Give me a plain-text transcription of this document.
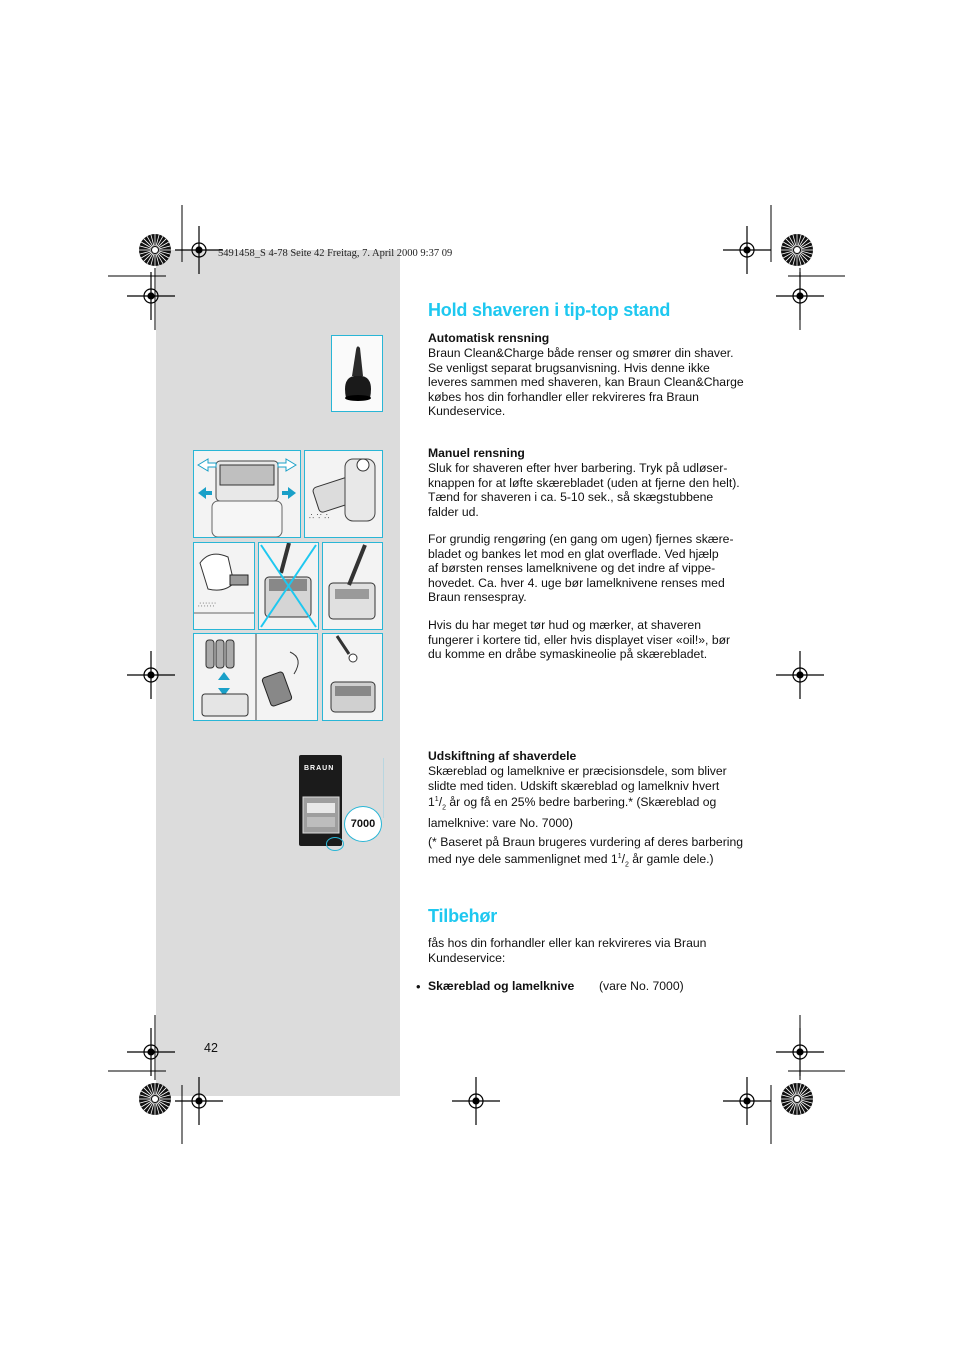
5491458_S 4-78 Seite 42 Freitag, 7. April 2000 9:37 09
∴ ∵ ∴
∴∵∴∵
BRAUN
7000
Hold shaveren i tip-top stand

Automatisk rensning

Braun Clean&Charge både renser og smører din shaver.

Se venligst separat brugsanvisning. Hvis denne ikke

leveres sammen med shaveren, kan Braun Clean&Charge

købes hos din forhandler eller rekvireres fra Braun

Kundeservice.

Manuel rensning

Sluk for shaveren efter hver barbering. Tryk på udløser-

knappen for at løfte skærebladet (uden at fjerne den helt).

Tænd for shaveren i ca. 5-10 sek., så skægstubbene

falder ud.

For grundig rengøring (en gang om ugen) fjernes skære-

bladet og bankes let mod en glat overflade. Ved hjælp

af børsten renses lamelknivene og det indre af vippe-

hovedet. Ca. hver 4. uge bør lamelknivene renses med

Braun rensespray.

Hvis du har meget tør hud og mærker, at shaveren

fungerer i kortere tid, eller hvis displayet viser «oil!», bør

du komme en dråbe symaskineolie på skærebladet.

Udskiftning af shaverdele

Skæreblad og lamelknive er præcisionsdele, som bliver

slidte med tiden. Udskift skæreblad og lamelkniv hvert

$1^1/_2$ år og få en 25% bedre barbering.* (Skæreblad og

lamelknive: vare No. 7000)

(* Baseret på Braun brugeres vurdering af deres barbering

med nye dele sammenlignet med $1^1/_2$ år gamle dele.)

Tilbehør

fås hos din forhandler eller kan rekvireres via Braun

Kundeservice:

• Skæreblad og lamelknive (vare No. 7000)
42
